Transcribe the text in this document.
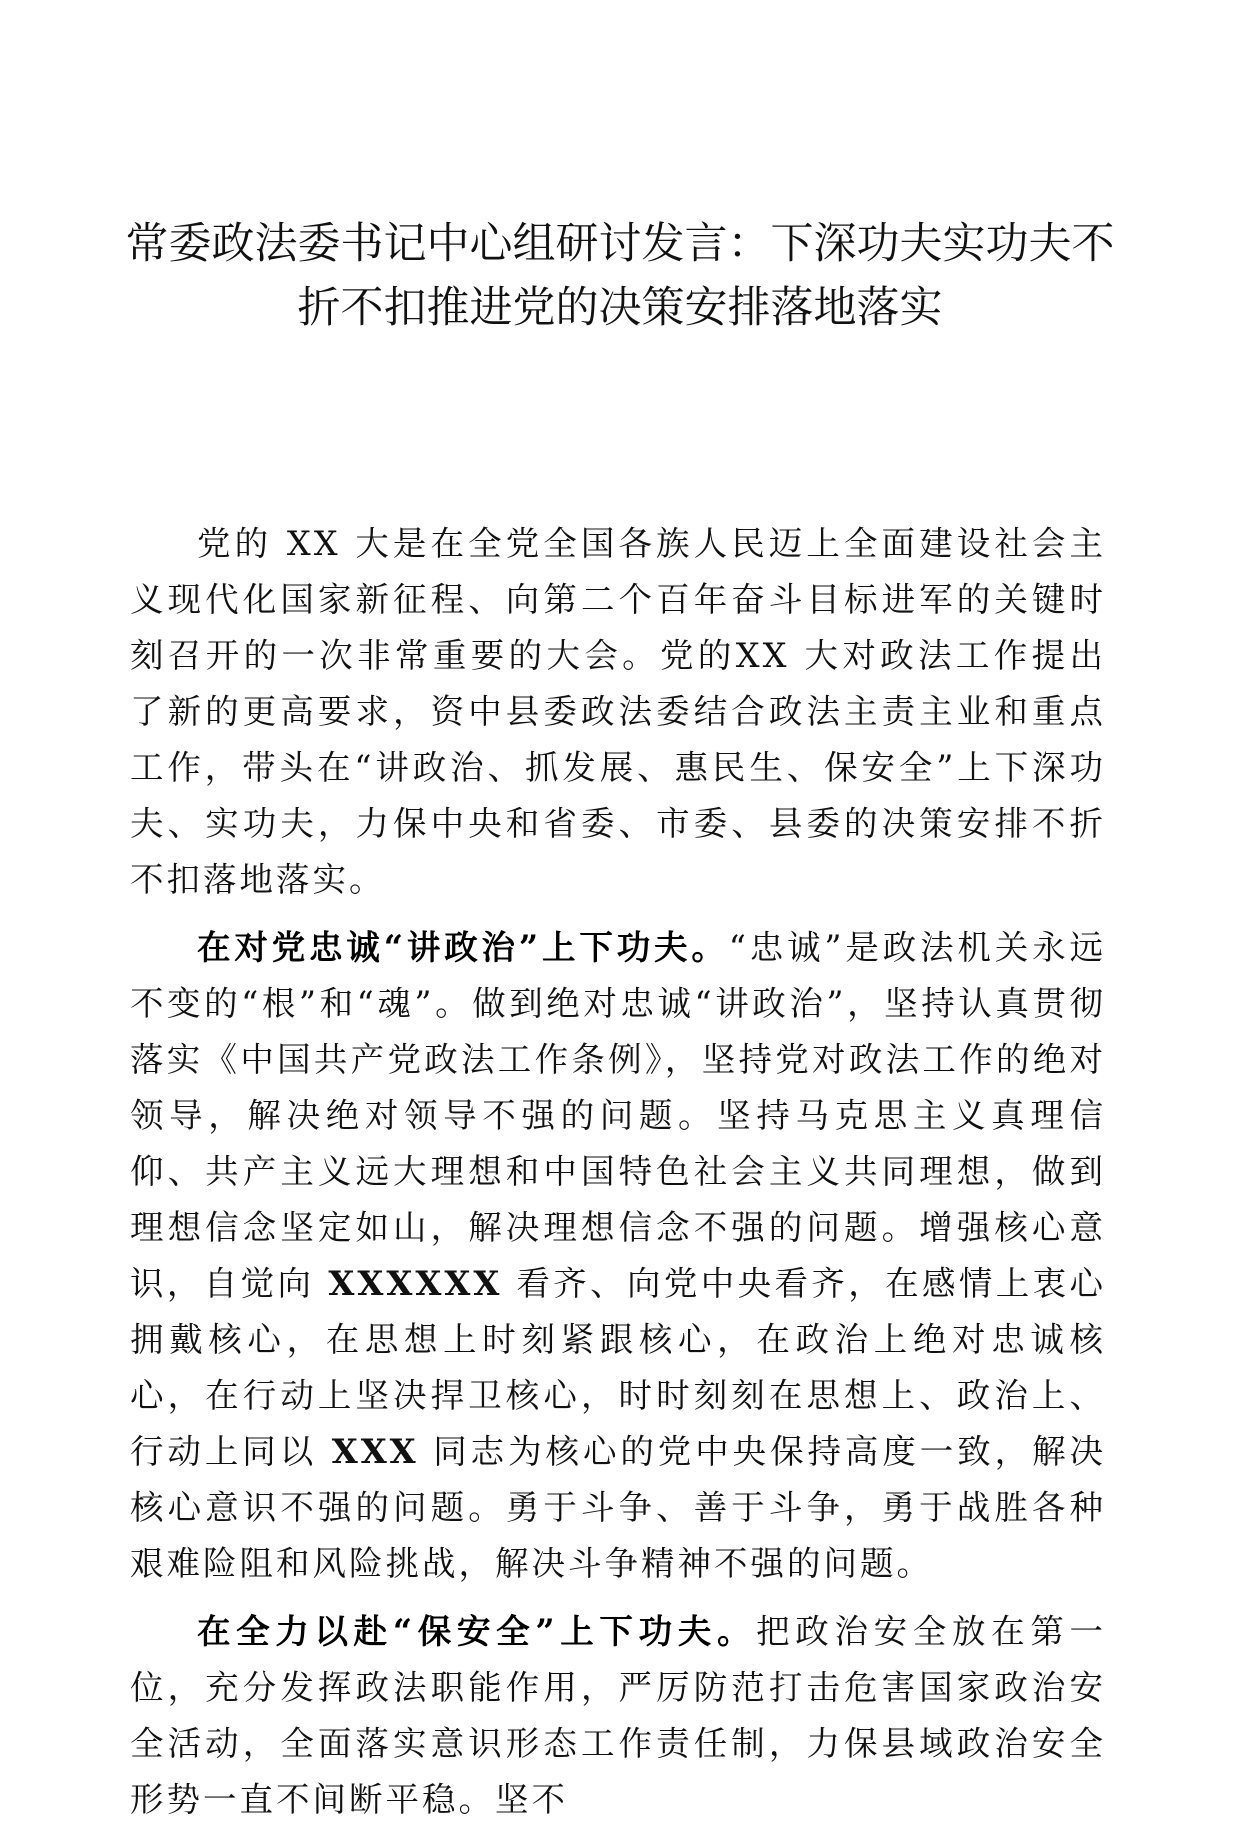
常委政法委书记中心组研讨发言：下深功夫实功夫不折不扣推进党的决策安排落地落实

党的 XX 大是在全党全国各族人民迈上全面建设社会主义现代化国家新征程、向第二个百年奋斗目标进军的关键时刻召开的一次非常重要的大会。党的XX 大对政法工作提出了新的更高要求，资中县委政法委结合政法主责主业和重点工作，带头在“讲政治、抓发展、惠民生、保安全”上下深功夫、实功夫，力保中央和省委、市委、县委的决策安排不折不扣落地落实。

在对党忠诚“讲政治”上下功夫。“忠诚”是政法机关永远不变的“根”和“魂”。做到绝对忠诚“讲政治”，坚持认真贯彻落实《中国共产党政法工作条例》，坚持党对政法工作的绝对领导，解决绝对领导不强的问题。坚持马克思主义真理信仰、共产主义远大理想和中国特色社会主义共同理想，做到理想信念坚定如山，解决理想信念不强的问题。增强核心意识，自觉向 XXXXXX 看齐、向党中央看齐，在感情上衷心拥戴核心，在思想上时刻紧跟核心，在政治上绝对忠诚核心，在行动上坚决捍卫核心，时时刻刻在思想上、政治上、行动上同以 XXX 同志为核心的党中央保持高度一致，解决核心意识不强的问题。勇于斗争、善于斗争，勇于战胜各种艰难险阻和风险挑战，解决斗争精神不强的问题。

在全力以赴“保安全”上下功夫。把政治安全放在第一位，充分发挥政法职能作用，严厉防范打击危害国家政治安全活动，全面落实意识形态工作责任制，力保县域政治安全形势一直不间断平稳。坚不
